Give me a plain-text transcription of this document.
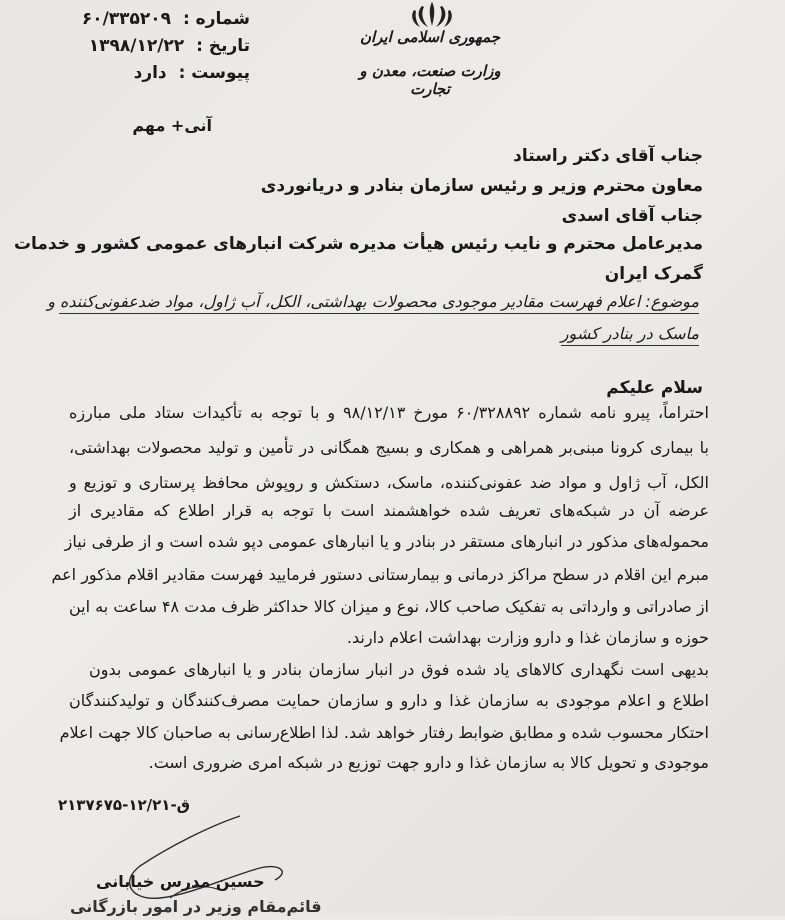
شماره : ۶۰/۳۳۵۲۰۹
تاریخ : ۱۳۹۸/۱۲/۲۲
پیوست : دارد
جمهوری اسلامی ایران
وزارت صنعت، معدن و تجارت
آنی+ مهم
جناب آقای دکتر راستاد
معاون محترم وزیر و رئیس سازمان بنادر و دریانوردی
جناب آقای اسدی
مدیرعامل محترم و نایب رئیس هیأت مدیره شرکت انبارهای عمومی کشور و خدمات
گمرک ایران
موضوع: اعلام فهرست مقادیر موجودی محصولات بهداشتی، الکل، آب ژاول، مواد ضدعفونی‌کننده و
ماسک در بنادر کشور
سلام علیکم
احتراماً، پیرو نامه شماره ۶۰/۳۲۸۸۹۲ مورخ ۹۸/۱۲/۱۳ و با توجه به تأکیدات ستاد ملی مبارزه
با بیماری کرونا مبنی‌بر همراهی و همکاری و بسیج همگانی در تأمین و تولید محصولات بهداشتی،
الکل، آب ژاول و مواد ضد عفونی‌کننده، ماسک، دستکش و روپوش محافظ پرستاری و توزیع و
عرضه آن در شبکه‌های تعریف شده خواهشمند است با توجه به قرار اطلاع که مقادیری از
محموله‌های مذکور در انبارهای مستقر در بنادر و یا انبارهای عمومی دپو شده است و از طرفی نیاز
مبرم این اقلام در سطح مراکز درمانی و بیمارستانی دستور فرمایید فهرست مقادیر اقلام مذکور اعم
از صادراتی و وارداتی به تفکیک صاحب کالا، نوع و میزان کالا حداکثر ظرف مدت ۴۸ ساعت به این
حوزه و سازمان غذا و دارو وزارت بهداشت اعلام دارند.
بدیهی است نگهداری کالاهای یاد شده فوق در انبار سازمان بنادر و یا انبارهای عمومی بدون
اطلاع و اعلام موجودی به سازمان غذا و دارو و سازمان حمایت مصرف‌کنندگان و تولیدکنندگان
احتکار محسوب شده و مطابق ضوابط رفتار خواهد شد. لذا اطلاع‌رسانی به صاحبان کالا جهت اعلام
موجودی و تحویل کالا به سازمان غذا و دارو جهت توزیع در شبکه امری ضروری است.
ق-۱۲/۲۱-۲۱۳۷۶۷۵
حسین مدرس خیابانی
قائم‌مقام وزیر در امور بازرگانی
